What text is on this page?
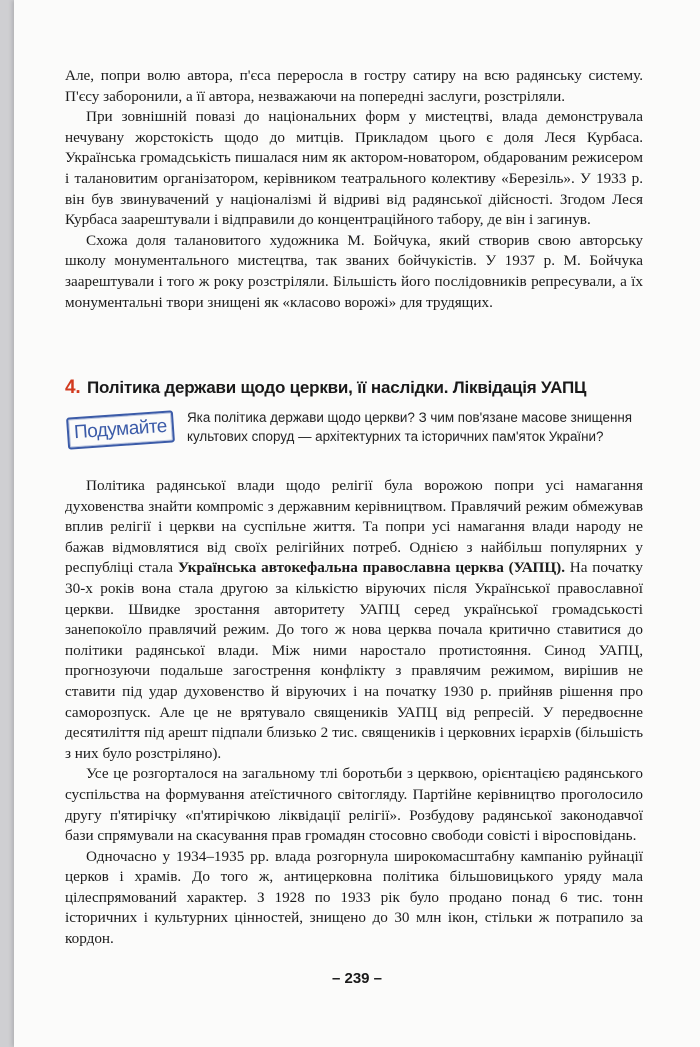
Але, попри волю автора, п'єса переросла в гостру сатиру на всю радянську систему. П'єсу заборонили, а її автора, незважаючи на попередні заслуги, розстріляли.

При зовнішній повазі до національних форм у мистецтві, влада демонструвала нечувану жорстокість щодо до митців. Прикладом цього є доля Леся Курбаса. Українська громадськість пишалася ним як актором-новатором, обдарованим режисером і талановитим організатором, керівником театрального колективу «Березіль». У 1933 р. він був звинувачений у націоналізмі й відриві від радянської дійсності. Згодом Леся Курбаса заарештували і відправили до концентраційного табору, де він і загинув.

Схожа доля талановитого художника М. Бойчука, який створив свою авторську школу монументального мистецтва, так званих бойчукістів. У 1937 р. М. Бойчука заарештували і того ж року розстріляли. Більшість його послідовників репресували, а їх монументальні твори знищені як «класово ворожі» для трудящих.

4. Політика держави щодо церкви, її наслідки. Ліквідація УАПЦ
Подумайте	Яка політика держави щодо церкви? З чим пов'язане масове знищення культових споруд — архітектурних та історичних пам'яток України?

Політика радянської влади щодо релігії була ворожою попри усі намагання духовенства знайти компроміс з державним керівництвом. Правлячий режим обмежував вплив релігії і церкви на суспільне життя. Та попри усі намагання влади народу не бажав відмовлятися від своїх релігійних потреб. Однією з найбільш популярних у республіці стала Українська автокефальна православна церква (УАПЦ). На початку 30-х років вона стала другою за кількістю віруючих після Української православної церкви. Швидке зростання авторитету УАПЦ серед української громадськості занепокоїло правлячий режим. До того ж нова церква почала критично ставитися до політики радянської влади. Між ними наростало протистояння. Синод УАПЦ, прогнозуючи подальше загострення конфлікту з правлячим режимом, вирішив не ставити під удар духовенство й віруючих і на початку 1930 р. прийняв рішення про саморозпуск. Але це не врятувало священиків УАПЦ від репресій. У передвоєнне десятиліття під арешт підпали близько 2 тис. священиків і церковних ієрархів (більшість з них було розстріляно).

Усе це розгорталося на загальному тлі боротьби з церквою, орієнтацією радянського суспільства на формування атеїстичного світогляду. Партійне керівництво проголосило другу п'ятирічку «п'ятирічкою ліквідації релігії». Розбудову радянської законодавчої бази спрямували на скасування прав громадян стосовно свободи совісті і віросповідань.

Одночасно у 1934–1935 рр. влада розгорнула широкомасштабну кампанію руйнації церков і храмів. До того ж, антицерковна політика більшовицького уряду мала цілеспрямований характер. З 1928 по 1933 рік було продано понад 6 тис. тонн історичних і культурних цінностей, знищено до 30 млн ікон, стільки ж потрапило за кордон.

– 239 –
